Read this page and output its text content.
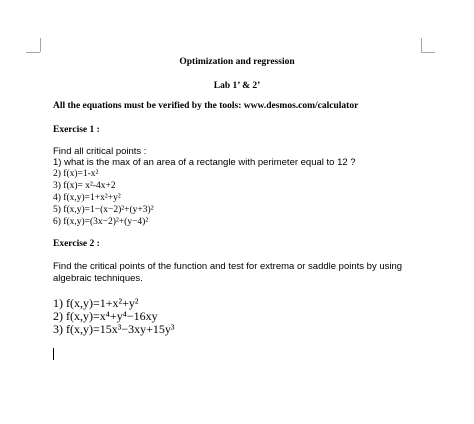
Optimization and regression
Lab 1’ & 2’
All the equations must be verified by the tools: www.desmos.com/calculator
Exercise 1 :
Find all critical points :
1) what is the max of an area of a rectangle with perimeter equal to 12 ?
2) f(x)=1-x²
3) f(x)= x²-4x+2
4) f(x,y)=1+x²+y²
5) f(x,y)=1−(x−2)²+(y+3)²
6) f(x,y)=(3x−2)²+(y−4)²
Exercise 2 :
Find the critical points of the function and test for extrema or saddle points by using
algebraic techniques.
1) f(x,y)=1+x²+y²
2) f(x,y)=x⁴+y⁴−16xy
3) f(x,y)=15x³−3xy+15y³
